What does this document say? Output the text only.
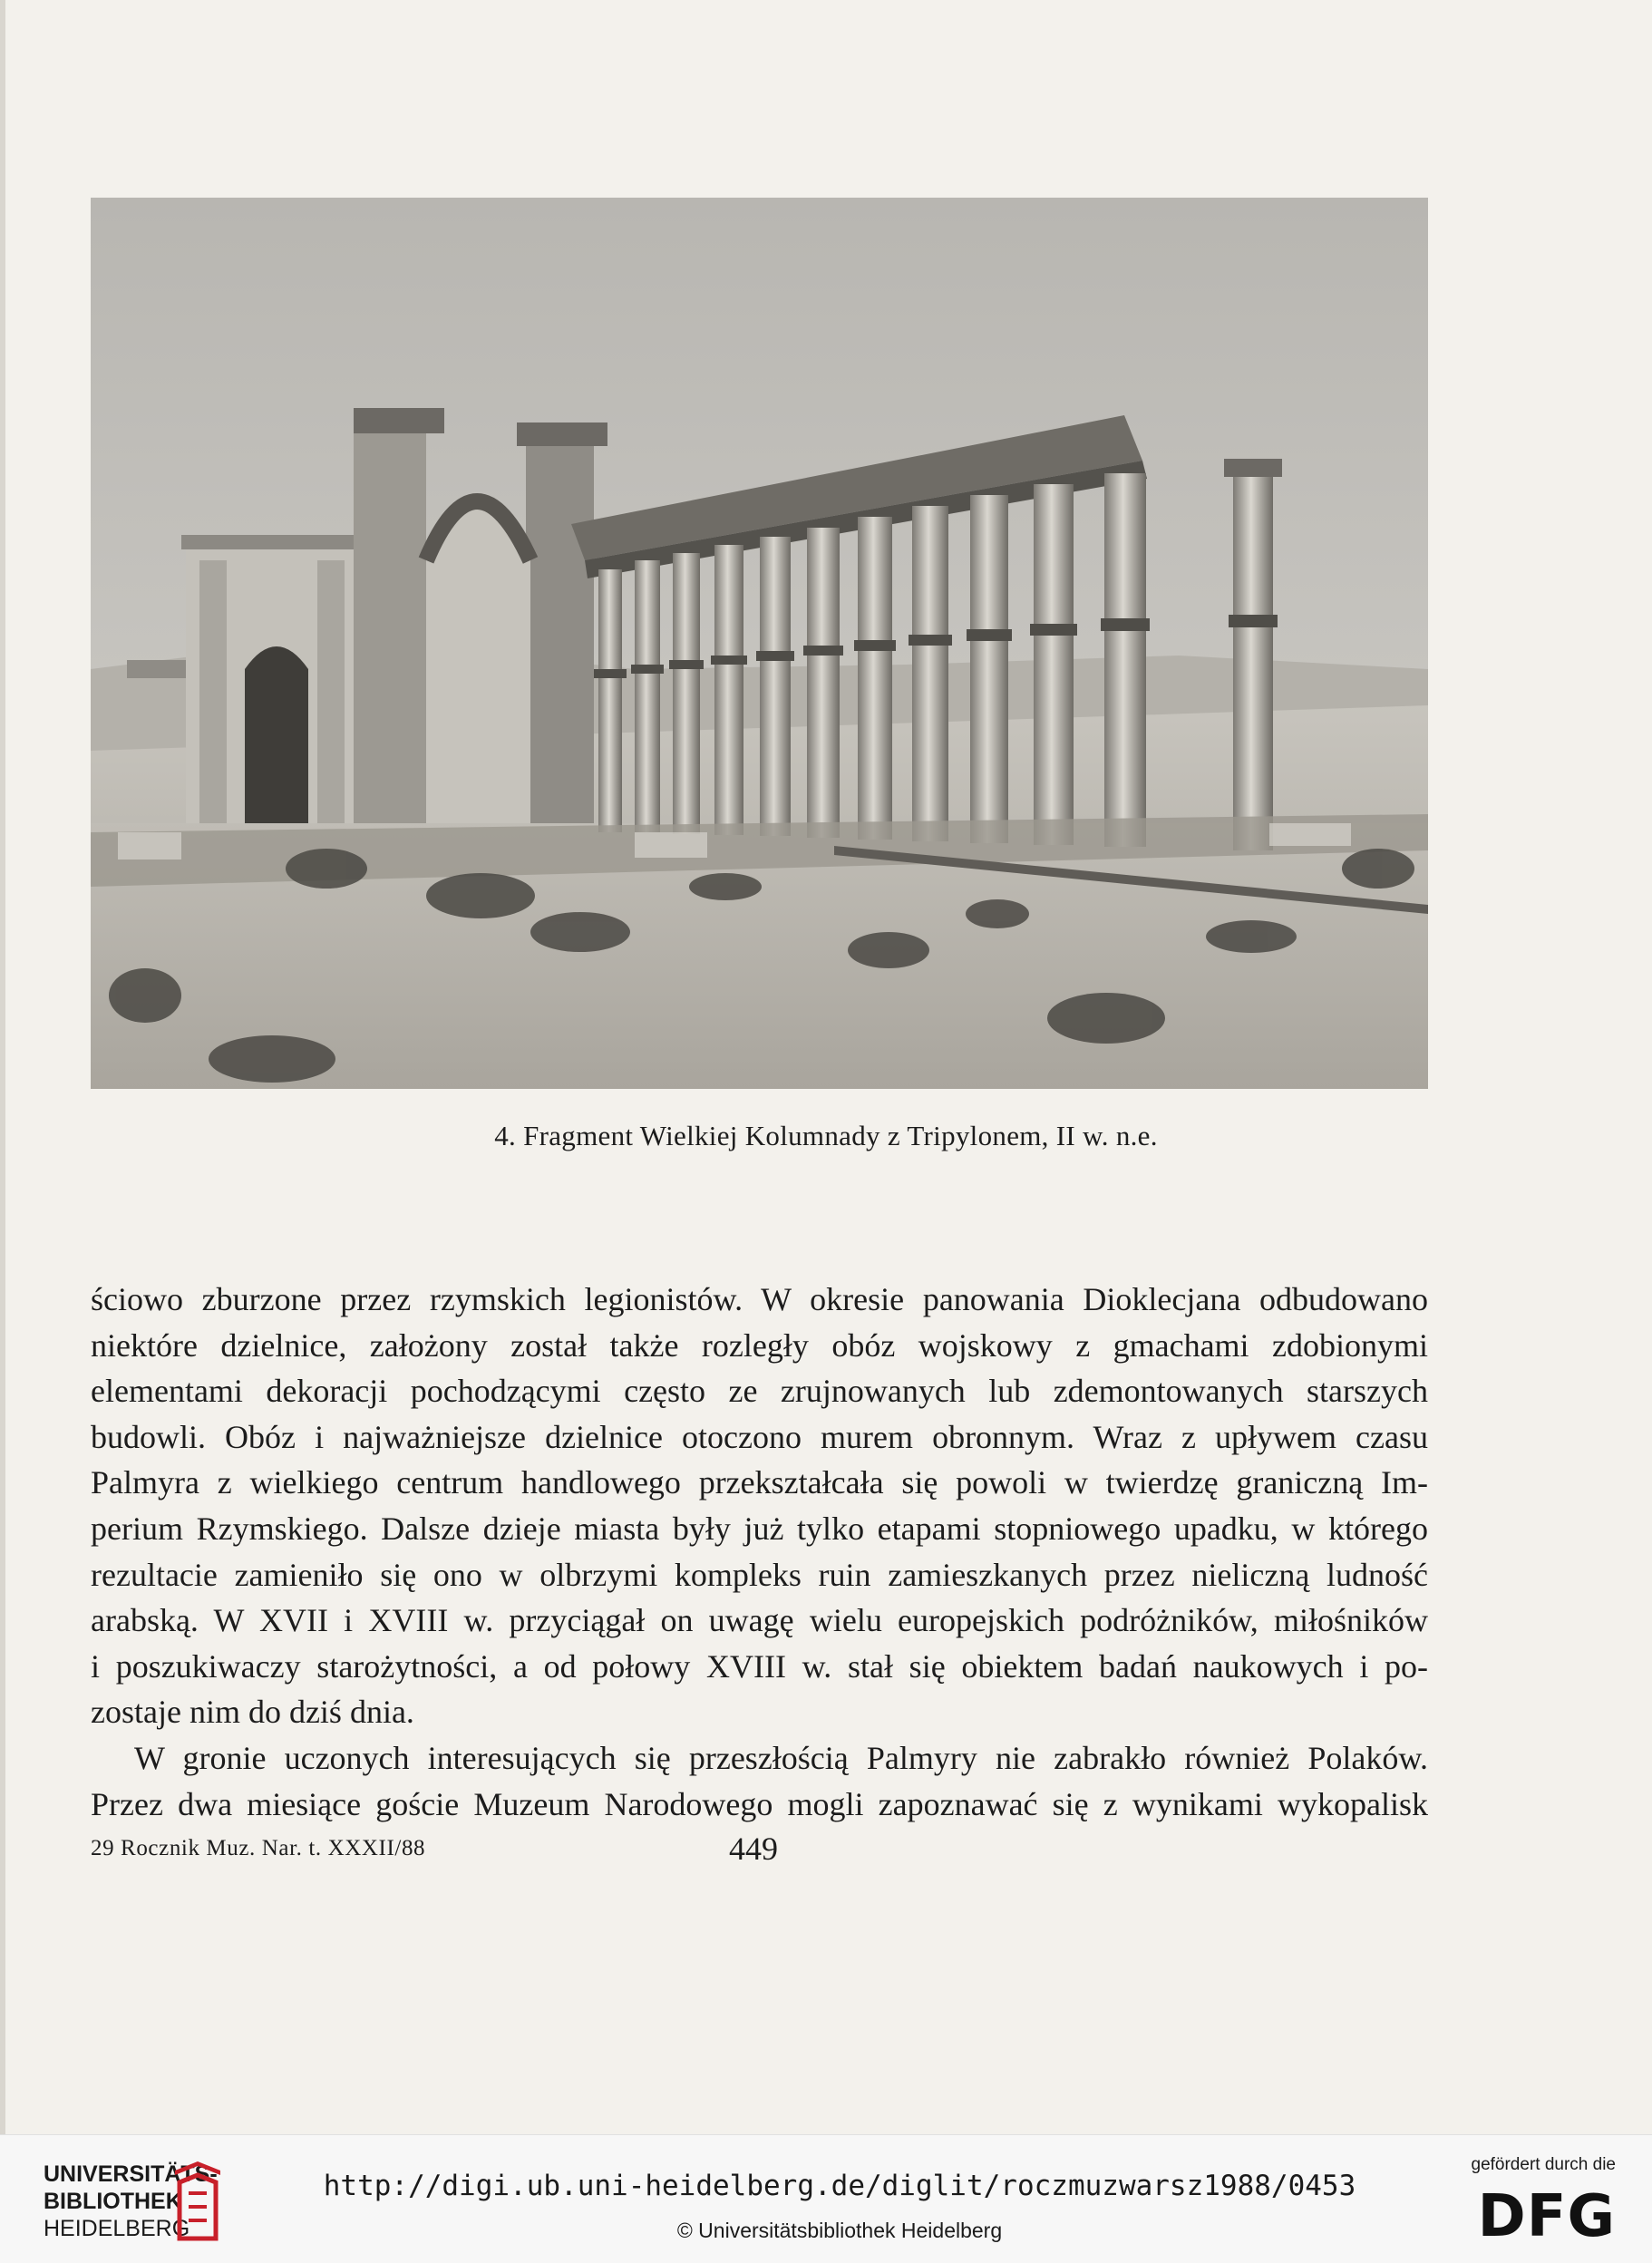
4. Fragment Wielkiej Kolumnady z Tripylonem, II w. n.e.

ściowo zburzone przez rzymskich legionistów. W okresie panowania Dioklecjana odbudowano
niektóre dzielnice, założony został także rozległy obóz wojskowy z gmachami zdobionymi
elementami dekoracji pochodzącymi często ze zrujnowanych lub zdemontowanych starszych
budowli. Obóz i najważniejsze dzielnice otoczono murem obronnym. Wraz z upływem czasu
Palmyra z wielkiego centrum handlowego przekształcała się powoli w twierdzę graniczną Im-
perium Rzymskiego. Dalsze dzieje miasta były już tylko etapami stopniowego upadku, w którego
rezultacie zamieniło się ono w olbrzymi kompleks ruin zamieszkanych przez nieliczną ludność
arabską. W XVII i XVIII w. przyciągał on uwagę wielu europejskich podróżników, miłośników
i poszukiwaczy starożytności, a od połowy XVIII w. stał się obiektem badań naukowych i po-
zostaje nim do dziś dnia.

W gronie uczonych interesujących się przeszłością Palmyry nie zabrakło również Polaków.
Przez dwa miesiące goście Muzeum Narodowego mogli zapoznawać się z wynikami wykopalisk

29 Rocznik Muz. Nar. t. XXXII/88	449
UNIVERSITÄTS-
BIBLIOTHEK
HEIDELBERG
http://digi.ub.uni-heidelberg.de/diglit/roczmuzwarsz1988/0453
© Universitätsbibliothek Heidelberg
gefördert durch die
DFG
